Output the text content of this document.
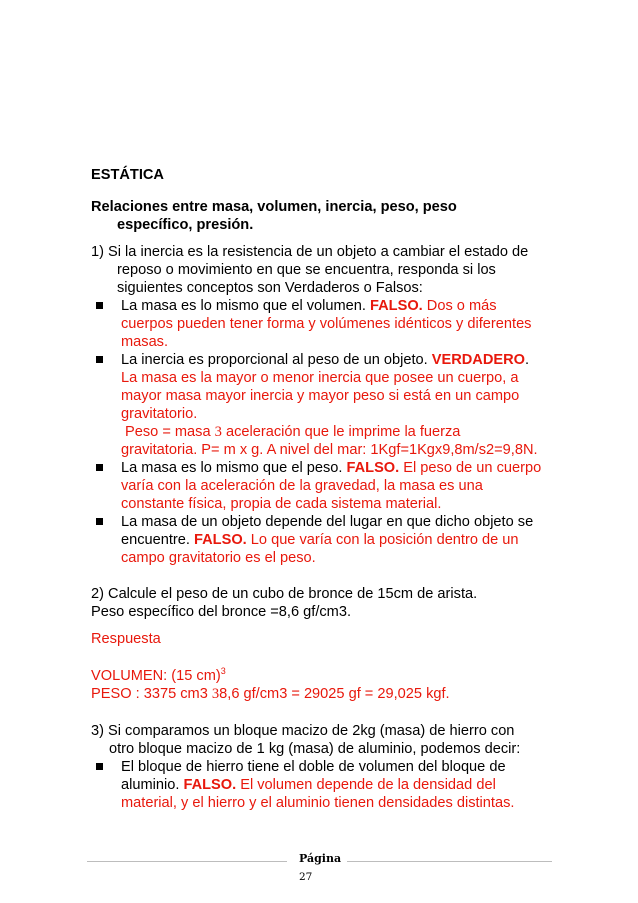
ESTÁTICA
Relaciones entre masa, volumen, inercia, peso, peso
específico, presión.
1) Si la inercia es la resistencia de un objeto a cambiar el estado de
reposo o movimiento en que se encuentra, responda si los
siguientes conceptos son Verdaderos o Falsos:
La masa es lo mismo que el volumen. FALSO. Dos o más
cuerpos pueden tener forma y volúmenes idénticos y diferentes
masas.
La inercia es proporcional al peso de un objeto. VERDADERO.
La masa es la mayor o menor inercia que posee un cuerpo, a
mayor masa mayor inercia y mayor peso si está en un campo
gravitatorio.
Peso = masa 3 aceleración que le imprime la fuerza
gravitatoria. P= m x g. A nivel del mar: 1Kgf=1Kgx9,8m/s2=9,8N.
La masa es lo mismo que el peso. FALSO. El peso de un cuerpo
varía con la aceleración de la gravedad, la masa es una
constante física, propia de cada sistema material.
La masa de un objeto depende del lugar en que dicho objeto se
encuentre. FALSO. Lo que varía con la posición dentro de un
campo gravitatorio es el peso.
2) Calcule el peso de un cubo de bronce de 15cm de arista.
Peso específico del bronce =8,6 gf/cm3.
Respuesta
VOLUMEN: (15 cm)$^3$
PESO : 3375 cm3 38,6 gf/cm3 = 29025 gf = 29,025 kgf.
3) Si comparamos un bloque macizo de 2kg (masa) de hierro con
otro bloque macizo de 1 kg (masa) de aluminio, podemos decir:
El bloque de hierro tiene el doble de volumen del bloque de
aluminio. FALSO. El volumen depende de la densidad del
material, y el hierro y el aluminio tienen densidades distintas.
Página
27
